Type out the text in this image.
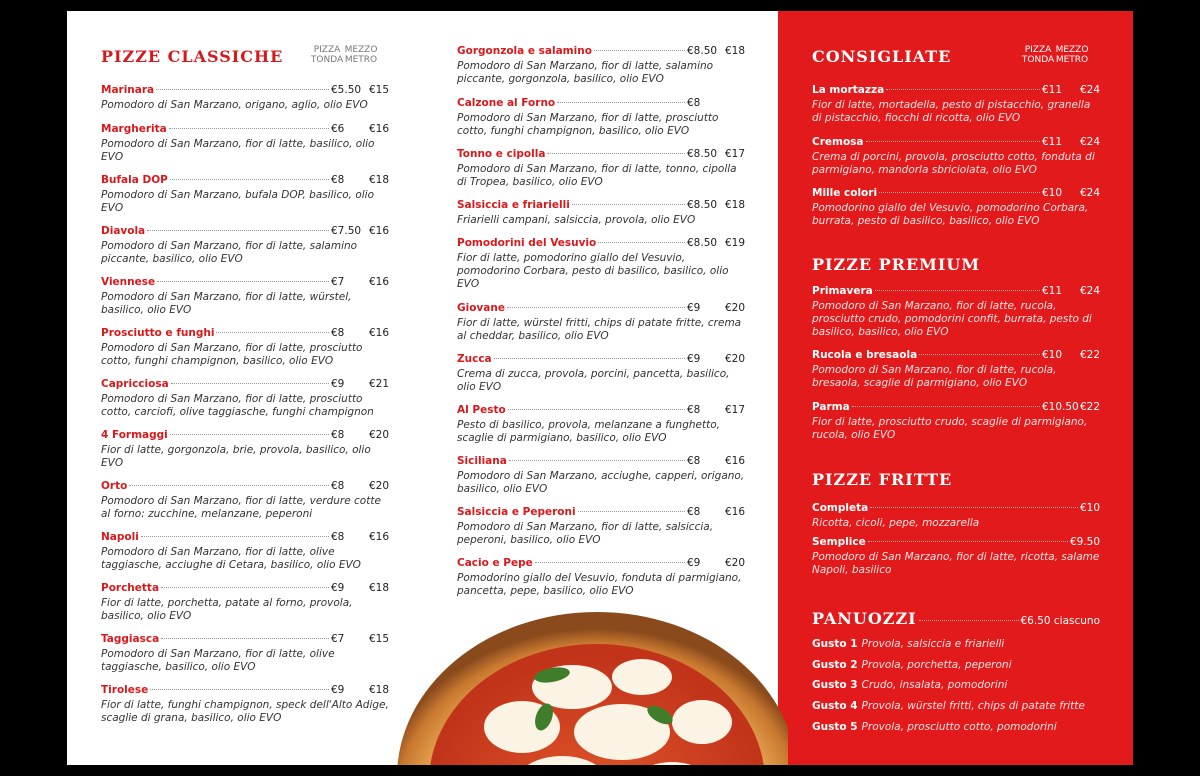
PIZZE CLASSICHE	PIZZA TONDA
MEZZO METRO
Marinara	€5.50 €15
Pomodoro di San Marzano, origano, aglio, olio EVO
Margherita	€6	€16
Pomodoro di San Marzano, fior di latte, basilico, olio EVO
Bufala DOP	€8	€18
Pomodoro di San Marzano, bufala DOP, basilico, olio EVO
Diavola	€7.50 €16
Pomodoro di San Marzano, fior di latte, salamino piccante, basilico, olio EVO
Viennese	€7	€16
Pomodoro di San Marzano, fior di latte, würstel, basilico, olio EVO
Prosciutto e funghi	€8	€16
Pomodoro di San Marzano, fior di latte, prosciutto cotto, funghi champignon, basilico, olio EVO
Capricciosa	€9	€21
Pomodoro di San Marzano, fior di latte, prosciutto cotto, carciofi, olive taggiasche, funghi champignon
4 Formaggi	€8	€20
Fior di latte, gorgonzola, brie, provola, basilico, olio EVO
Orto	€8	€20
Pomodoro di San Marzano, fior di latte, verdure cotte al forno: zucchine, melanzane, peperoni
Napoli	€8	€16
Pomodoro di San Marzano, fior di latte, olive taggiasche, acciughe di Cetara, basilico, olio EVO
Porchetta	€9	€18
Fior di latte, porchetta, patate al forno, provola, basilico, olio EVO
Taggiasca	€7	€15
Pomodoro di San Marzano, fior di latte, olive taggiasche, basilico, olio EVO
Tirolese	€9	€18
Fior di latte, funghi champignon, speck dell'Alto Adige, scaglie di grana, basilico, olio EVO
Gorgonzola e salamino	€8.50 €18
Pomodoro di San Marzano, fior di latte, salamino piccante, gorgonzola, basilico, olio EVO
Calzone al Forno	€8
Pomodoro di San Marzano, fior di latte, prosciutto cotto, funghi champignon, basilico, olio EVO
Tonno e cipolla	€8.50 €17
Pomodoro di San Marzano, fior di latte, tonno, cipolla di Tropea, basilico, olio EVO
Salsiccia e friarielli	€8.50 €18
Friarielli campani, salsiccia, provola, olio EVO
Pomodorini del Vesuvio	€8.50 €19
Fior di latte, pomodorino giallo del Vesuvio, pomodorino Corbara, pesto di basilico, basilico, olio EVO
Giovane	€9	€20
Fior di latte, würstel fritti, chips di patate fritte, crema al cheddar, basilico, olio EVO
Zucca	€9	€20
Crema di zucca, provola, porcini, pancetta, basilico, olio EVO
Al Pesto	€8	€17
Pesto di basilico, provola, melanzane a funghetto, scaglie di parmigiano, basilico, olio EVO
Siciliana	€8	€16
Pomodoro di San Marzano, acciughe, capperi, origano, basilico, olio EVO
Salsiccia e Peperoni	€8	€16
Pomodoro di San Marzano, fior di latte, salsiccia, peperoni, basilico, olio EVO
Cacio e Pepe	€9	€20
Pomodorino giallo del Vesuvio, fonduta di parmigiano, pancetta, pepe, basilico, olio EVO
CONSIGLIATE	PIZZA TONDA
MEZZO METRO
PIZZE PREMIUM
PIZZE FRITTE
PANUOZZI	€6.50 ciascuno
La mortazza	€11	€24
Fior di latte, mortadella, pesto di pistacchio, granella di pistacchio, fiocchi di ricotta, olio EVO
Cremosa	€11	€24
Crema di porcini, provola, prosciutto cotto, fonduta di parmigiano, mandorla sbriciolata, olio EVO
Mille colori	€10	€24
Pomodorino giallo del Vesuvio, pomodorino Corbara, burrata, pesto di basilico, basilico, olio EVO
Primavera	€11	€24
Pomodoro di San Marzano, fior di latte, rucola, prosciutto crudo, pomodorini confit, burrata, pesto di basilico, basilico, olio EVO
Rucola e bresaola	€10	€22
Pomodoro di San Marzano, fior di latte, rucola, bresaola, scaglie di parmigiano, olio EVO
Parma	€10.50 €22
Fior di latte, prosciutto crudo, scaglie di parmigiano, rucola, olio EVO
Completa	€10
Ricotta, cicoli, pepe, mozzarella
Semplice	€9.50
Pomodoro di San Marzano, fior di latte, ricotta, salame Napoli, basilico
Gusto 1 Provola, salsiccia e friarielli
Gusto 2 Provola, porchetta, peperoni
Gusto 3 Crudo, insalata, pomodorini
Gusto 4 Provola, würstel fritti, chips di patate fritte
Gusto 5 Provola, prosciutto cotto, pomodorini
